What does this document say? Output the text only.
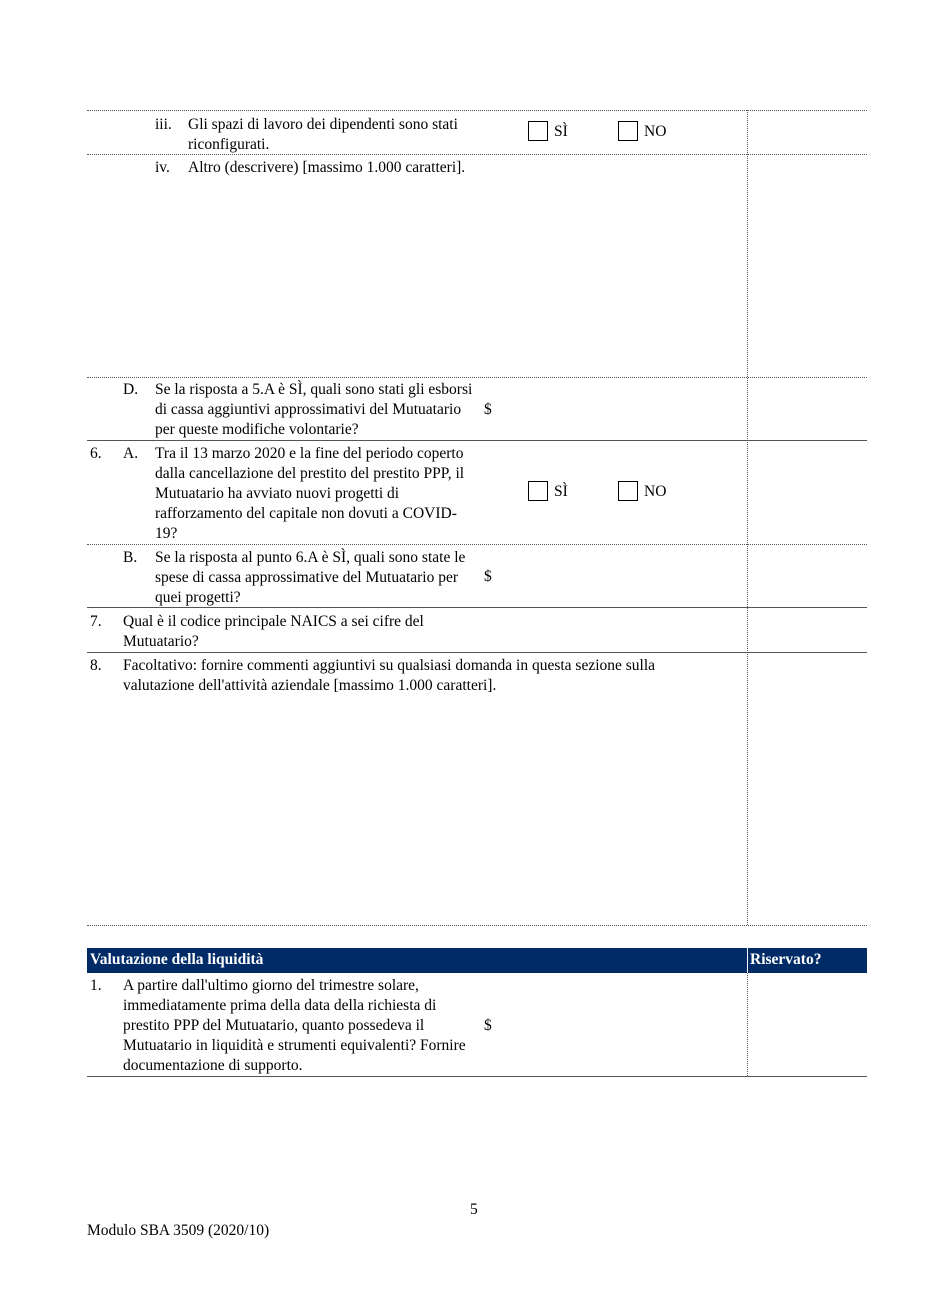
iii. Gli spazi di lavoro dei dipendenti sono stati riconfigurati.
SÌ	NO
iv. Altro (descrivere) [massimo 1.000 caratteri].
D. Se la risposta a 5.A è SÌ, quali sono stati gli esborsi di cassa aggiuntivi approssimativi del Mutuatario per queste modifiche volontarie?
$
6. A. Tra il 13 marzo 2020 e la fine del periodo coperto dalla cancellazione del prestito del prestito PPP, il Mutuatario ha avviato nuovi progetti di rafforzamento del capitale non dovuti a COVID-19?
SÌ	NO
B. Se la risposta al punto 6.A è SÌ, quali sono state le spese di cassa approssimative del Mutuatario per quei progetti?
$
7. Qual è il codice principale NAICS a sei cifre del Mutuatario?
8. Facoltativo: fornire commenti aggiuntivi su qualsiasi domanda in questa sezione sulla valutazione dell'attività aziendale [massimo 1.000 caratteri].
Valutazione della liquidità	Riservato?
1. A partire dall'ultimo giorno del trimestre solare, immediatamente prima della data della richiesta di prestito PPP del Mutuatario, quanto possedeva il Mutuatario in liquidità e strumenti equivalenti? Fornire documentazione di supporto.
$
5
Modulo SBA 3509 (2020/10)
